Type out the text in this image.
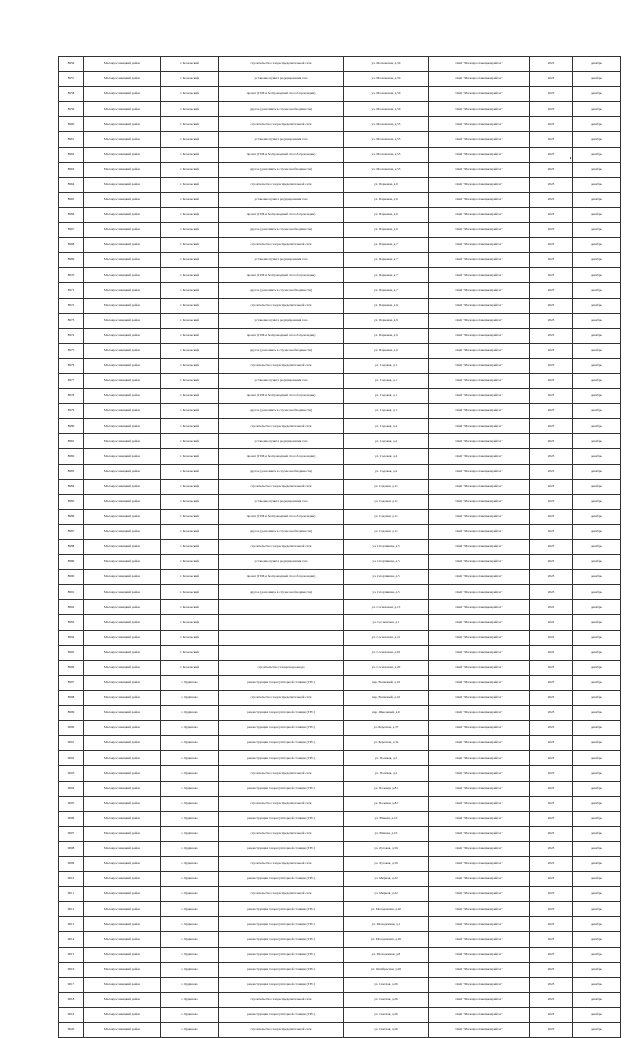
8956	Малоярославецкий район	г. Козельский	строительство газораспределительной сети	ул. Московская, д.50	ОАО "Малоярославецмежрайгаз"	2023	декабрь
8957	Малоярославецкий район	г. Козельский	установка пункта редуцирования газа	ул. Московская, д.50	ОАО "Малоярославецмежрайгаз"	2023	декабрь
8958	Малоярославецкий район	г. Козельский	проект (ГПБ и беспроводный способ прокладки)	ул. Московская, д.50	ОАО "Малоярославецмежрайгаз"	2023	декабрь
8959	Малоярославецкий район	г. Козельский	другое (дополнить в случае необходимости)	ул. Московская, д.50	ОАО "Малоярославецмежрайгаз"	2023	декабрь
8960	Малоярославецкий район	г. Козельский	строительство газораспределительной сети	ул. Московская, д.55	ОАО "Малоярославецмежрайгаз"	2023	декабрь
8961	Малоярославецкий район	г. Козельский	установка пункта редуцирования газа	ул. Московская, д.55	ОАО "Малоярославецмежрайгаз"	2023	декабрь
8962	Малоярославецкий район	г. Козельский	проект (ГПБ и беспроводный способ прокладки)	ул. Московская, д.55	ОАО "Малоярославецмежрайгаз"	2023	декабрь
8963	Малоярославецкий район	г. Козельский	другое (дополнить в случае необходимости)	ул. Московская, д.55	ОАО "Малоярославецмежрайгаз"	2023	декабрь
8964	Малоярославецкий район	г. Козельский	строительство газораспределительной сети	ул. Парковая, д.6	ОАО "Малоярославецмежрайгаз"	2023	декабрь
8965	Малоярославецкий район	г. Козельский	установка пункта редуцирования газа	ул. Парковая, д.6	ОАО "Малоярославецмежрайгаз"	2023	декабрь
8966	Малоярославецкий район	г. Козельский	проект (ГПБ и беспроводный способ прокладки)	ул. Парковая, д.6	ОАО "Малоярославецмежрайгаз"	2023	декабрь
8967	Малоярославецкий район	г. Козельский	другое (дополнить в случае необходимости)	ул. Парковая, д.6	ОАО "Малоярославецмежрайгаз"	2023	декабрь
8968	Малоярославецкий район	г. Козельский	строительство газораспределительной сети	ул. Парковая, д.7	ОАО "Малоярославецмежрайгаз"	2023	декабрь
8969	Малоярославецкий район	г. Козельский	установка пункта редуцирования газа	ул. Парковая, д.7	ОАО "Малоярославецмежрайгаз"	2023	декабрь
8970	Малоярославецкий район	г. Козельский	проект (ГПБ и беспроводный способ прокладки)	ул. Парковая, д.7	ОАО "Малоярославецмежрайгаз"	2023	декабрь
8971	Малоярославецкий район	г. Козельский	другое (дополнить в случае необходимости)	ул. Парковая, д.7	ОАО "Малоярославецмежрайгаз"	2023	декабрь
8972	Малоярославецкий район	г. Козельский	строительство газораспределительной сети	ул. Парковая, д.9	ОАО "Малоярославецмежрайгаз"	2023	декабрь
8973	Малоярославецкий район	г. Козельский	установка пункта редуцирования газа	ул. Парковая, д.9	ОАО "Малоярославецмежрайгаз"	2023	декабрь
8974	Малоярославецкий район	г. Козельский	проект (ГПБ и беспроводный способ прокладки)	ул. Парковая, д.9	ОАО "Малоярославецмежрайгаз"	2023	декабрь
8975	Малоярославецкий район	г. Козельский	другое (дополнить в случае необходимости)	ул. Парковая, д.9	ОАО "Малоярославецмежрайгаз"	2023	декабрь
8976	Малоярославецкий район	г. Козельский	строительство газораспределительной сети	ул. Садовая, д.1	ОАО "Малоярославецмежрайгаз"	2023	декабрь
8977	Малоярославецкий район	г. Козельский	установка пункта редуцирования газа	ул. Садовая, д.1	ОАО "Малоярославецмежрайгаз"	2023	декабрь
8978	Малоярославецкий район	г. Козельский	проект (ГПБ и беспроводный способ прокладки)	ул. Садовая, д.1	ОАО "Малоярославецмежрайгаз"	2023	декабрь
8979	Малоярославецкий район	г. Козельский	другое (дополнить в случае необходимости)	ул. Садовая, д.1	ОАО "Малоярославецмежрайгаз"	2023	декабрь
8980	Малоярославецкий район	г. Козельский	строительство газораспределительной сети	ул. Садовая, д.4	ОАО "Малоярославецмежрайгаз"	2023	декабрь
8981	Малоярославецкий район	г. Козельский	установка пункта редуцирования газа	ул. Садовая, д.4	ОАО "Малоярославецмежрайгаз"	2023	декабрь
8982	Малоярославецкий район	г. Козельский	проект (ГПБ и беспроводный способ прокладки)	ул. Садовая, д.4	ОАО "Малоярославецмежрайгаз"	2023	декабрь
8983	Малоярославецкий район	г. Козельский	другое (дополнить в случае необходимости)	ул. Садовая, д.4	ОАО "Малоярославецмежрайгаз"	2023	декабрь
8984	Малоярославецкий район	г. Козельский	строительство газораспределительной сети	ул. Садовая, д.11	ОАО "Малоярославецмежрайгаз"	2023	декабрь
8985	Малоярославецкий район	г. Козельский	установка пункта редуцирования газа	ул. Садовая, д.11	ОАО "Малоярославецмежрайгаз"	2023	декабрь
8986	Малоярославецкий район	г. Козельский	проект (ГПБ и беспроводный способ прокладки)	ул. Садовая, д.11	ОАО "Малоярославецмежрайгаз"	2023	декабрь
8987	Малоярославецкий район	г. Козельский	другое (дополнить в случае необходимости)	ул. Садовая, д.11	ОАО "Малоярославецмежрайгаз"	2023	декабрь
8988	Малоярославецкий район	г. Козельский	строительство газораспределительной сети	ул. Спортивная, д.5	ОАО "Малоярославецмежрайгаз"	2023	декабрь
8989	Малоярославецкий район	г. Козельский	установка пункта редуцирования газа	ул. Спортивная, д.5	ОАО "Малоярославецмежрайгаз"	2023	декабрь
8990	Малоярославецкий район	г. Козельский	проект (ГПБ и беспроводный способ прокладки)	ул. Спортивная, д.5	ОАО "Малоярославецмежрайгаз"	2023	декабрь
8991	Малоярославецкий район	г. Козельский	другое (дополнить в случае необходимости)	ул. Спортивная, д.5	ОАО "Малоярославецмежрайгаз"	2023	декабрь
8992	Малоярославецкий район	г. Козельский		ул. Сосновская, д.13	ОАО "Малоярославецмежрайгаз"	2022	декабрь
8993	Малоярославецкий район	г. Козельский		ул. Сосновская, д.1	ОАО "Малоярославецмежрайгаз"	2022	декабрь
8994	Малоярославецкий район	г. Козельский		ул. Сосновская, д.21	ОАО "Малоярославецмежрайгаз"	2022	декабрь
8995	Малоярославецкий район	г. Козельский		ул. Сосновская, д.81	ОАО "Малоярославецмежрайгаз"	2022	декабрь
8996	Малоярославецкий район	г. Козельский	строительство газопровода-ввода	ул. Сосновская, д.20	ОАО "Малоярославецмежрайгаз"	2023	декабрь
8997	Малоярославецкий район	с. Кудиново	реконструкция газорегуляторной станции (ГРС)	пер. Волковый, д.16	ОАО "Малоярославецмежрайгаз"	2023	декабрь
8998	Малоярославецкий район	с. Кудиново	строительство газораспределительной сети	пер. Волковый, д.16	ОАО "Малоярославецмежрайгаз"	2023	декабрь
8999	Малоярославецкий район	с. Кудиново	реконструкция газорегуляторной станции (ГРС)	пер. Школьный, д.6	ОАО "Малоярославецмежрайгаз"	2023	декабрь
9000	Малоярославецкий район	с. Кудиново	реконструкция газорегуляторной станции (ГРС)	ул. Берегная, д.37	ОАО "Малоярославецмежрайгаз"	2023	декабрь
9001	Малоярославецкий район	с. Кудиново	реконструкция газорегуляторной станции (ГРС)	ул. Берегная, д.3а	ОАО "Малоярославецмежрайгаз"	2023	декабрь
9002	Малоярославецкий район	с. Кудиново	реконструкция газорегуляторной станции (ГРС)	ул. Полевая, д.2	ОАО "Малоярославецмежрайгаз"	2023	декабрь
9003	Малоярославецкий район	с. Кудиново	строительство газораспределительной сети	ул. Полевая, д.2	ОАО "Малоярославецмежрайгаз"	2023	декабрь
9004	Малоярославецкий район	с. Кудиново	реконструкция газорегуляторной станции (ГРС)	ул. Полевая, д.81	ОАО "Малоярославецмежрайгаз"	2023	декабрь
9005	Малоярославецкий район	с. Кудиново	строительство газораспределительной сети	ул. Полевая, д.81	ОАО "Малоярославецмежрайгаз"	2023	декабрь
9006	Малоярославецкий район	с. Кудиново	реконструкция газорегуляторной станции (ГРС)	ул. Южная, д.10	ОАО "Малоярославецмежрайгаз"	2023	декабрь
9007	Малоярославецкий район	с. Кудиново	строительство газораспределительной сети	ул. Южная, д.10	ОАО "Малоярославецмежрайгаз"	2023	декабрь
9008	Малоярославецкий район	с. Кудиново	реконструкция газорегуляторной станции (ГРС)	ул. Луговая, д.56	ОАО "Малоярославецмежрайгаз"	2023	декабрь
9009	Малоярославецкий район	с. Кудиново	строительство газораспределительной сети	ул. Луговая, д.56	ОАО "Малоярославецмежрайгаз"	2023	декабрь
9010	Малоярославецкий район	с. Кудиново	реконструкция газорегуляторной станции (ГРС)	ул. Мирная, д.22	ОАО "Малоярославецмежрайгаз"	2023	декабрь
9011	Малоярославецкий район	с. Кудиново	строительство газораспределительной сети	ул. Мирная, д.22	ОАО "Малоярославецмежрайгаз"	2023	декабрь
9012	Малоярославецкий район	с. Кудиново	реконструкция газорегуляторной станции (ГРС)	ул. Молодежная, д.20	ОАО "Малоярославецмежрайгаз"	2023	декабрь
9013	Малоярославецкий район	с. Кудиново	реконструкция газорегуляторной станции (ГРС)	ул. Молодежная, д.1	ОАО "Малоярославецмежрайгаз"	2023	декабрь
9014	Малоярославецкий район	с. Кудиново	реконструкция газорегуляторной станции (ГРС)	ул. Молодежная, д.20	ОАО "Малоярославецмежрайгаз"	2023	декабрь
9015	Малоярославецкий район	с. Кудиново	реконструкция газорегуляторной станции (ГРС)	ул. Молодежная, д.8	ОАО "Малоярославецмежрайгаз"	2023	декабрь
9016	Малоярославецкий район	с. Кудиново	реконструкция газорегуляторной станции (ГРС)	ул. Октябрьская, д.28	ОАО "Малоярославецмежрайгаз"	2023	декабрь
9017	Малоярославецкий район	с. Кудиново	реконструкция газорегуляторной станции (ГРС)	ул. Светлая, д.26	ОАО "Малоярославецмежрайгаз"	2023	декабрь
9018	Малоярославецкий район	с. Кудиново	строительство газораспределительной сети	ул. Светлая, д.26	ОАО "Малоярославецмежрайгаз"	2023	декабрь
9019	Малоярославецкий район	с. Кудиново	реконструкция газорегуляторной станции (ГРС)	ул. Светлая, д.26	ОАО "Малоярославецмежрайгаз"	2023	декабрь
9020	Малоярославецкий район	с. Кудиново	строительство газораспределительной сети	ул. Светлая, д.26	ОАО "Малоярославецмежрайгаз"	2023	декабрь
